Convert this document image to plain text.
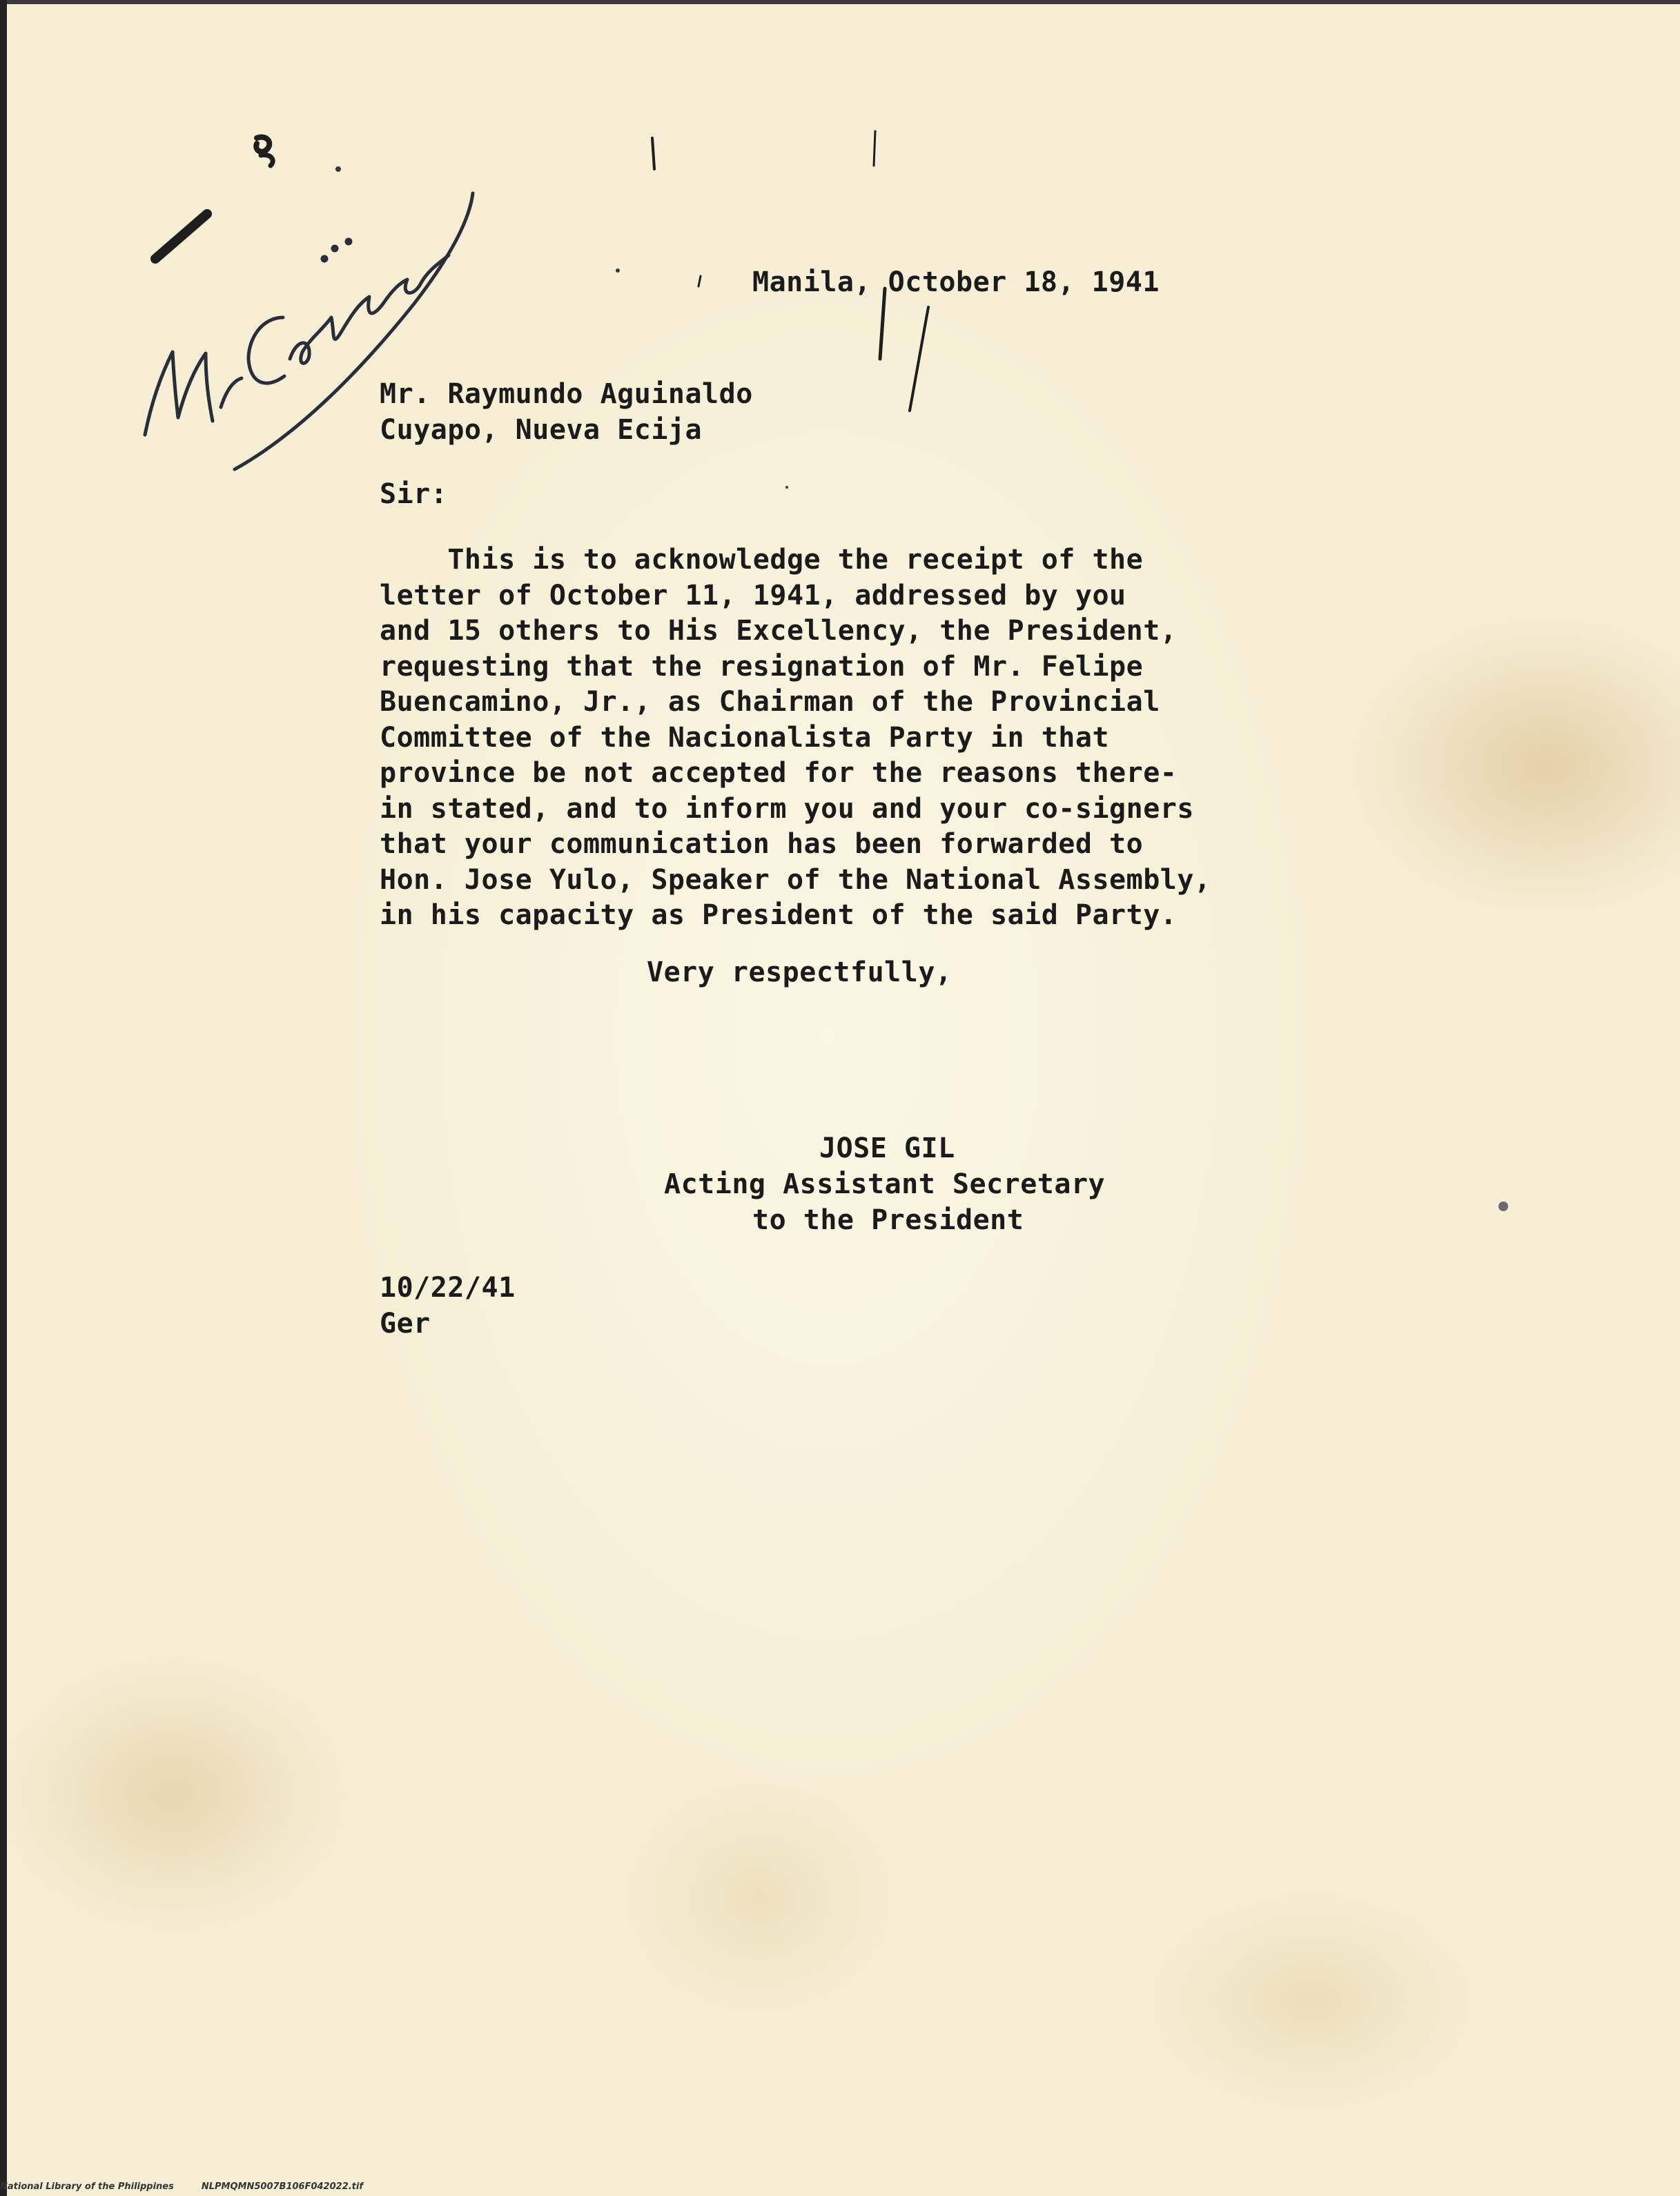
Manila, October 18, 1941
Mr. Raymundo Aguinaldo
Cuyapo, Nueva Ecija
Sir:
This is to acknowledge the receipt of the
letter of October 11, 1941, addressed by you
and 15 others to His Excellency, the President,
requesting that the resignation of Mr. Felipe
Buencamino, Jr., as Chairman of the Provincial
Committee of the Nacionalista Party in that
province be not accepted for the reasons there-
in stated, and to inform you and your co-signers
that your communication has been forwarded to
Hon. Jose Yulo, Speaker of the National Assembly,
in his capacity as President of the said Party.
Very respectfully,
JOSE GIL
Acting Assistant Secretary
to the President
10/22/41
Ger
National Library of the Philippines	NLPMQMN5007B106F042022.tif
